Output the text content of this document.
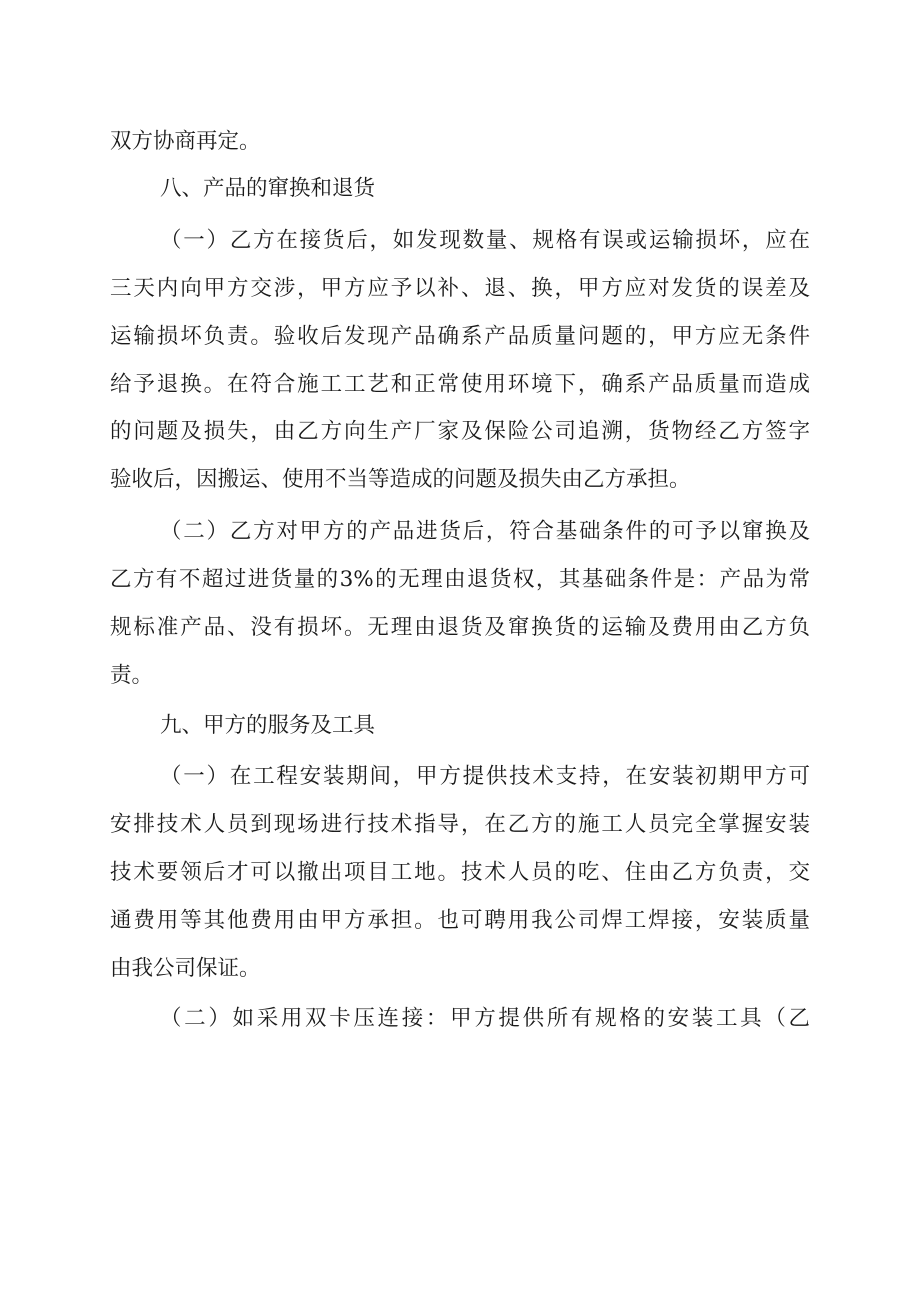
双方协商再定。

八、产品的窜换和退货

（一）乙方在接货后，如发现数量、规格有误或运输损坏，应在

三天内向甲方交涉，甲方应予以补、退、换，甲方应对发货的误差及

运输损坏负责。验收后发现产品确系产品质量问题的，甲方应无条件

给予退换。在符合施工工艺和正常使用环境下，确系产品质量而造成

的问题及损失，由乙方向生产厂家及保险公司追溯，货物经乙方签字

验收后，因搬运、使用不当等造成的问题及损失由乙方承担。

（二）乙方对甲方的产品进货后，符合基础条件的可予以窜换及

乙方有不超过进货量的3%的无理由退货权，其基础条件是：产品为常

规标准产品、没有损坏。无理由退货及窜换货的运输及费用由乙方负

责。

九、甲方的服务及工具

（一）在工程安装期间，甲方提供技术支持，在安装初期甲方可

安排技术人员到现场进行技术指导，在乙方的施工人员完全掌握安装

技术要领后才可以撤出项目工地。技术人员的吃、住由乙方负责，交

通费用等其他费用由甲方承担。也可聘用我公司焊工焊接，安装质量

由我公司保证。

（二）如采用双卡压连接：甲方提供所有规格的安装工具（乙
